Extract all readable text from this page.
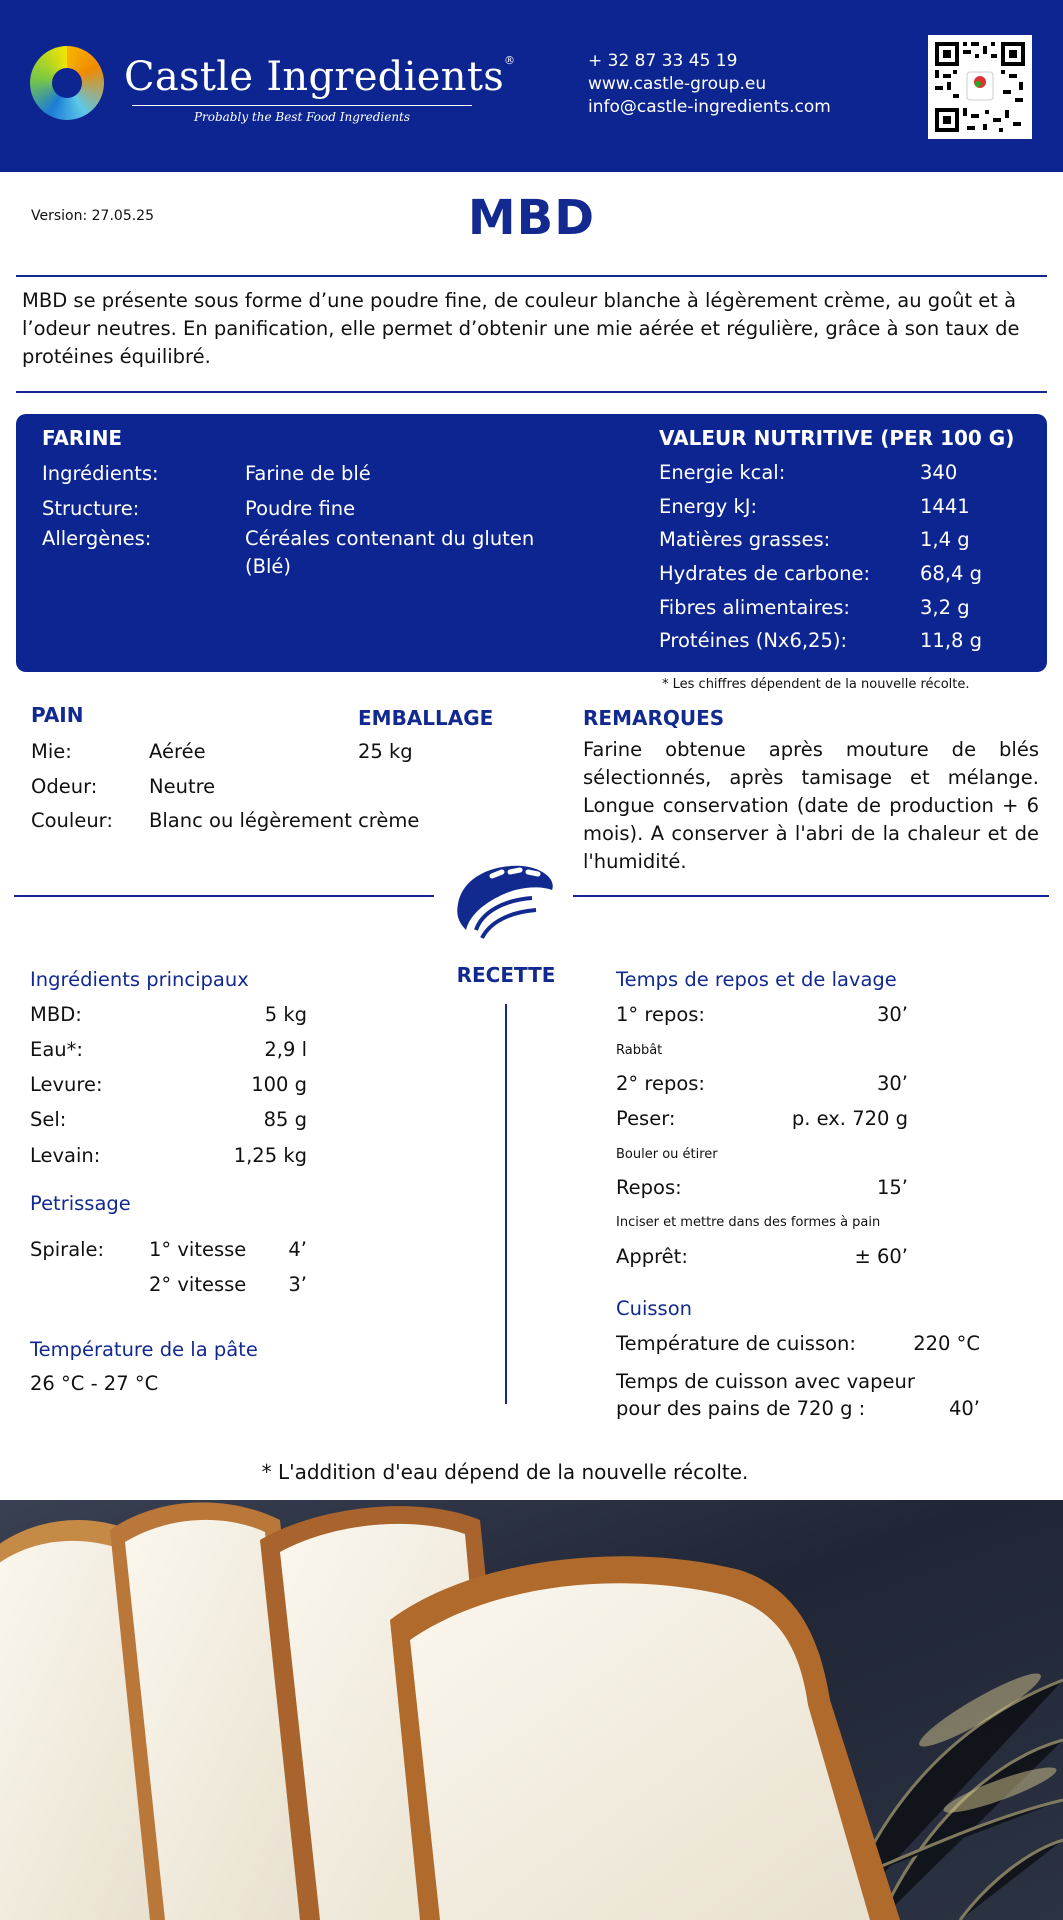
Castle Ingredients®
Probably the Best Food Ingredients
+ 32 87 33 45 19
www.castle-group.eu
info@castle-ingredients.com
Version: 27.05.25	MBD
MBD se présente sous forme d’une poudre fine, de couleur blanche à légèrement crème, au goût et à l’odeur neutres. En panification, elle permet d’obtenir une mie aérée et régulière, grâce à son taux de protéines équilibré.
FARINE
Ingrédients:	Farine de blé
Structure:	Poudre fine
Allergènes:	Céréales contenant du gluten
(Blé)
VALEUR NUTRITIVE (PER 100 G)
Energie kcal:	340
Energy kJ:	1441
Matières grasses:	1,4 g
Hydrates de carbone:	68,4 g
Fibres alimentaires:	3,2 g
Protéines (Nx6,25):	11,8 g
* Les chiffres dépendent de la nouvelle récolte.
PAIN
Mie:	Aérée
Odeur:	Neutre
Couleur: Blanc ou légèrement crème
EMBALLAGE
25 kg
REMARQUES
Farine obtenue après mouture de blés sélectionnés, après tamisage et mélange. Longue conservation (date de production + 6 mois). A conserver à l'abri de la chaleur et de l'humidité.
RECETTE
Ingrédients principaux
MBD:	5 kg
Eau*:	2,9 l
Levure:	100 g
Sel:	85 g
Levain:	1,25 kg
Petrissage
Spirale: 1° vitesse	4’
2° vitesse	3’
Température de la pâte
26 °C - 27 °C
Temps de repos et de lavage
1° repos:	30’
Rabbât
2° repos:	30’
Peser:	p. ex. 720 g
Bouler ou étirer
Repos:	15’
Inciser et mettre dans des formes à pain
Apprêt:	± 60’
Cuisson
Température de cuisson:	220 °C
Temps de cuisson avec vapeur
pour des pains de 720 g :	40’
* L'addition d'eau dépend de la nouvelle récolte.
